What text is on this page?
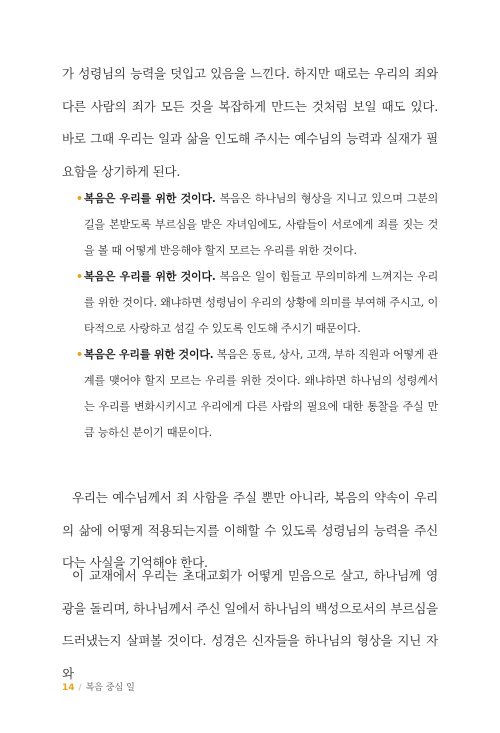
가 성령님의 능력을 덧입고 있음을 느낀다. 하지만 때로는 우리의 죄와 다른 사람의 죄가 모든 것을 복잡하게 만드는 것처럼 보일 때도 있다. 바로 그때 우리는 일과 삶을 인도해 주시는 예수님의 능력과 실재가 필요함을 상기하게 된다.

• 복음은 우리를 위한 것이다. 복음은 하나님의 형상을 지니고 있으며 그분의 길을 본받도록 부르심을 받은 자녀임에도, 사람들이 서로에게 죄를 짓는 것을 볼 때 어떻게 반응해야 할지 모르는 우리를 위한 것이다.
• 복음은 우리를 위한 것이다. 복음은 일이 힘들고 무의미하게 느껴지는 우리를 위한 것이다. 왜냐하면 성령님이 우리의 상황에 의미를 부여해 주시고, 이타적으로 사랑하고 섬길 수 있도록 인도해 주시기 때문이다.
• 복음은 우리를 위한 것이다. 복음은 동료, 상사, 고객, 부하 직원과 어떻게 관계를 맺어야 할지 모르는 우리를 위한 것이다. 왜냐하면 하나님의 성령께서는 우리를 변화시키시고 우리에게 다른 사람의 필요에 대한 통찰을 주실 만큼 능하신 분이기 때문이다.

우리는 예수님께서 죄 사함을 주실 뿐만 아니라, 복음의 약속이 우리의 삶에 어떻게 적용되는지를 이해할 수 있도록 성령님의 능력을 주신다는 사실을 기억해야 한다.

이 교재에서 우리는 초대교회가 어떻게 믿음으로 살고, 하나님께 영광을 돌리며, 하나님께서 주신 일에서 하나님의 백성으로서의 부르심을 드러냈는지 살펴볼 것이다. 성경은 신자들을 하나님의 형상을 지닌 자와

14 / 복음 중심 일
